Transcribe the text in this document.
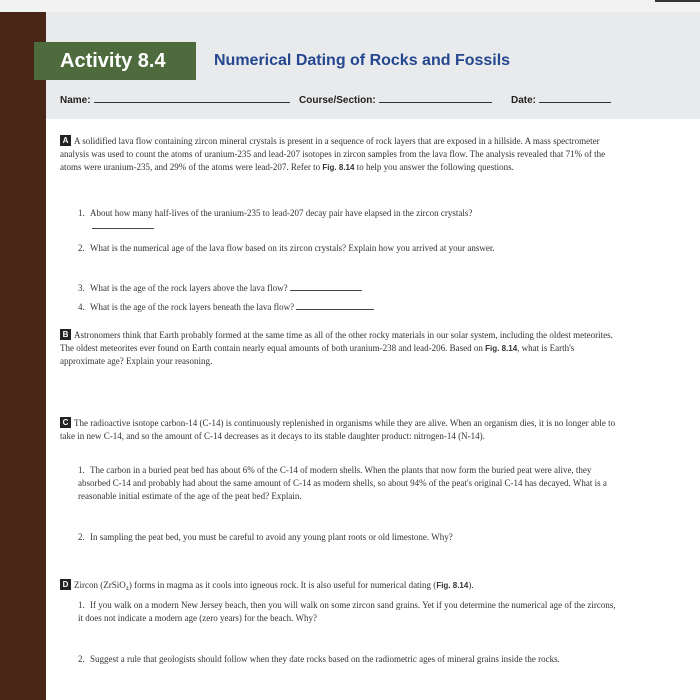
Activity 8.4	Numerical Dating of Rocks and Fossils
Name:	Course/Section:	Date:
A A solidified lava flow containing zircon mineral crystals is present in a sequence of rock layers that are exposed in a hillside. A mass spectrometer analysis was used to count the atoms of uranium-235 and lead-207 isotopes in zircon samples from the lava flow. The analysis revealed that 71% of the atoms were uranium-235, and 29% of the atoms were lead-207. Refer to Fig. 8.14 to help you answer the following questions.
1. About how many half-lives of the uranium-235 to lead-207 decay pair have elapsed in the zircon crystals?
2. What is the numerical age of the lava flow based on its zircon crystals? Explain how you arrived at your answer.
3. What is the age of the rock layers above the lava flow?
4. What is the age of the rock layers beneath the lava flow?
B Astronomers think that Earth probably formed at the same time as all of the other rocky materials in our solar system, including the oldest meteorites. The oldest meteorites ever found on Earth contain nearly equal amounts of both uranium-238 and lead-206. Based on Fig. 8.14, what is Earth's approximate age? Explain your reasoning.
C The radioactive isotope carbon-14 (C-14) is continuously replenished in organisms while they are alive. When an organism dies, it is no longer able to take in new C-14, and so the amount of C-14 decreases as it decays to its stable daughter product: nitrogen-14 (N-14).
1. The carbon in a buried peat bed has about 6% of the C-14 of modern shells. When the plants that now form the buried peat were alive, they absorbed C-14 and probably had about the same amount of C-14 as modern shells, so about 94% of the peat's original C-14 has decayed. What is a reasonable initial estimate of the age of the peat bed? Explain.
2. In sampling the peat bed, you must be careful to avoid any young plant roots or old limestone. Why?
D Zircon (ZrSiO₄) forms in magma as it cools into igneous rock. It is also useful for numerical dating (Fig. 8.14).
1. If you walk on a modern New Jersey beach, then you will walk on some zircon sand grains. Yet if you determine the numerical age of the zircons, it does not indicate a modern age (zero years) for the beach. Why?
2. Suggest a rule that geologists should follow when they date rocks based on the radiometric ages of mineral grains inside the rocks.
